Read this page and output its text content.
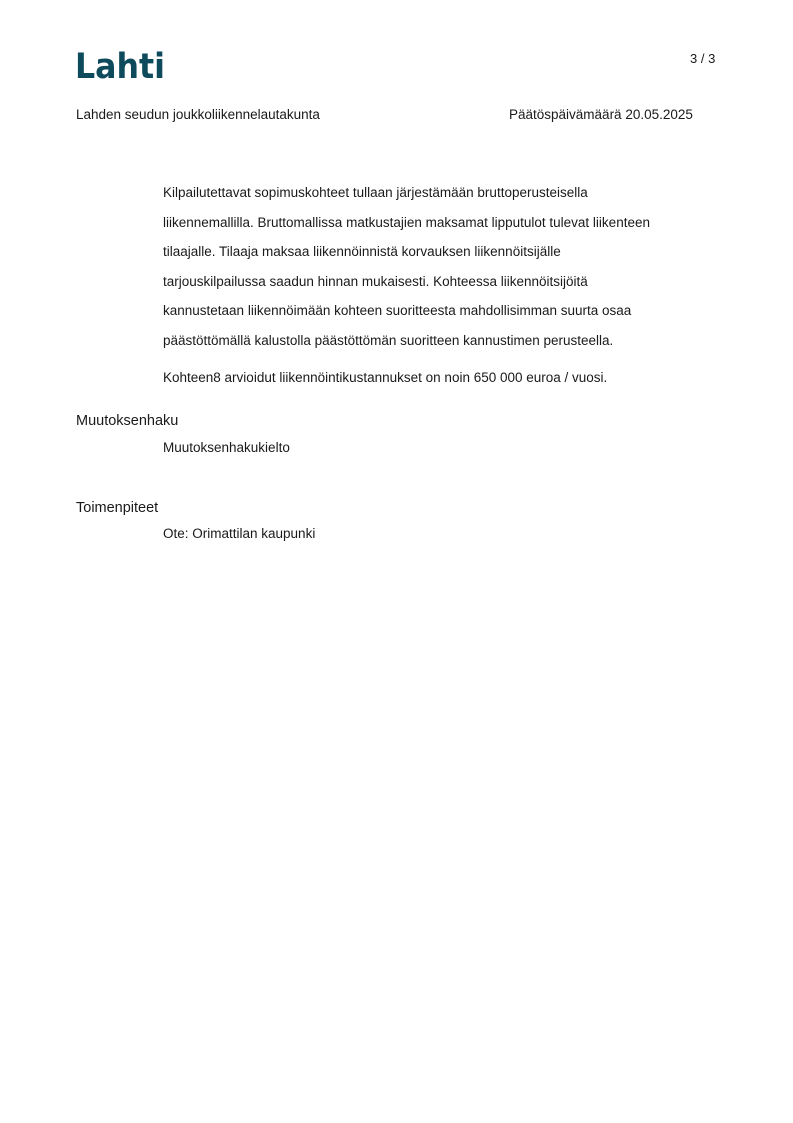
Lahti	3 / 3
Lahden seudun joukkoliikennelautakunta	Päätöspäivämäärä 20.05.2025
Kilpailutettavat sopimuskohteet tullaan järjestämään bruttoperusteisella
liikennemallilla. Bruttomallissa matkustajien maksamat lipputulot tulevat liikenteen
tilaajalle. Tilaaja maksaa liikennöinnistä korvauksen liikennöitsijälle
tarjouskilpailussa saadun hinnan mukaisesti. Kohteessa liikennöitsijöitä
kannustetaan liikennöimään kohteen suoritteesta mahdollisimman suurta osaa
päästöttömällä kalustolla päästöttömän suoritteen kannustimen perusteella.
Kohteen8 arvioidut liikennöintikustannukset on noin 650 000 euroa / vuosi.
Muutoksenhaku
Muutoksenhakukielto
Toimenpiteet
Ote: Orimattilan kaupunki
